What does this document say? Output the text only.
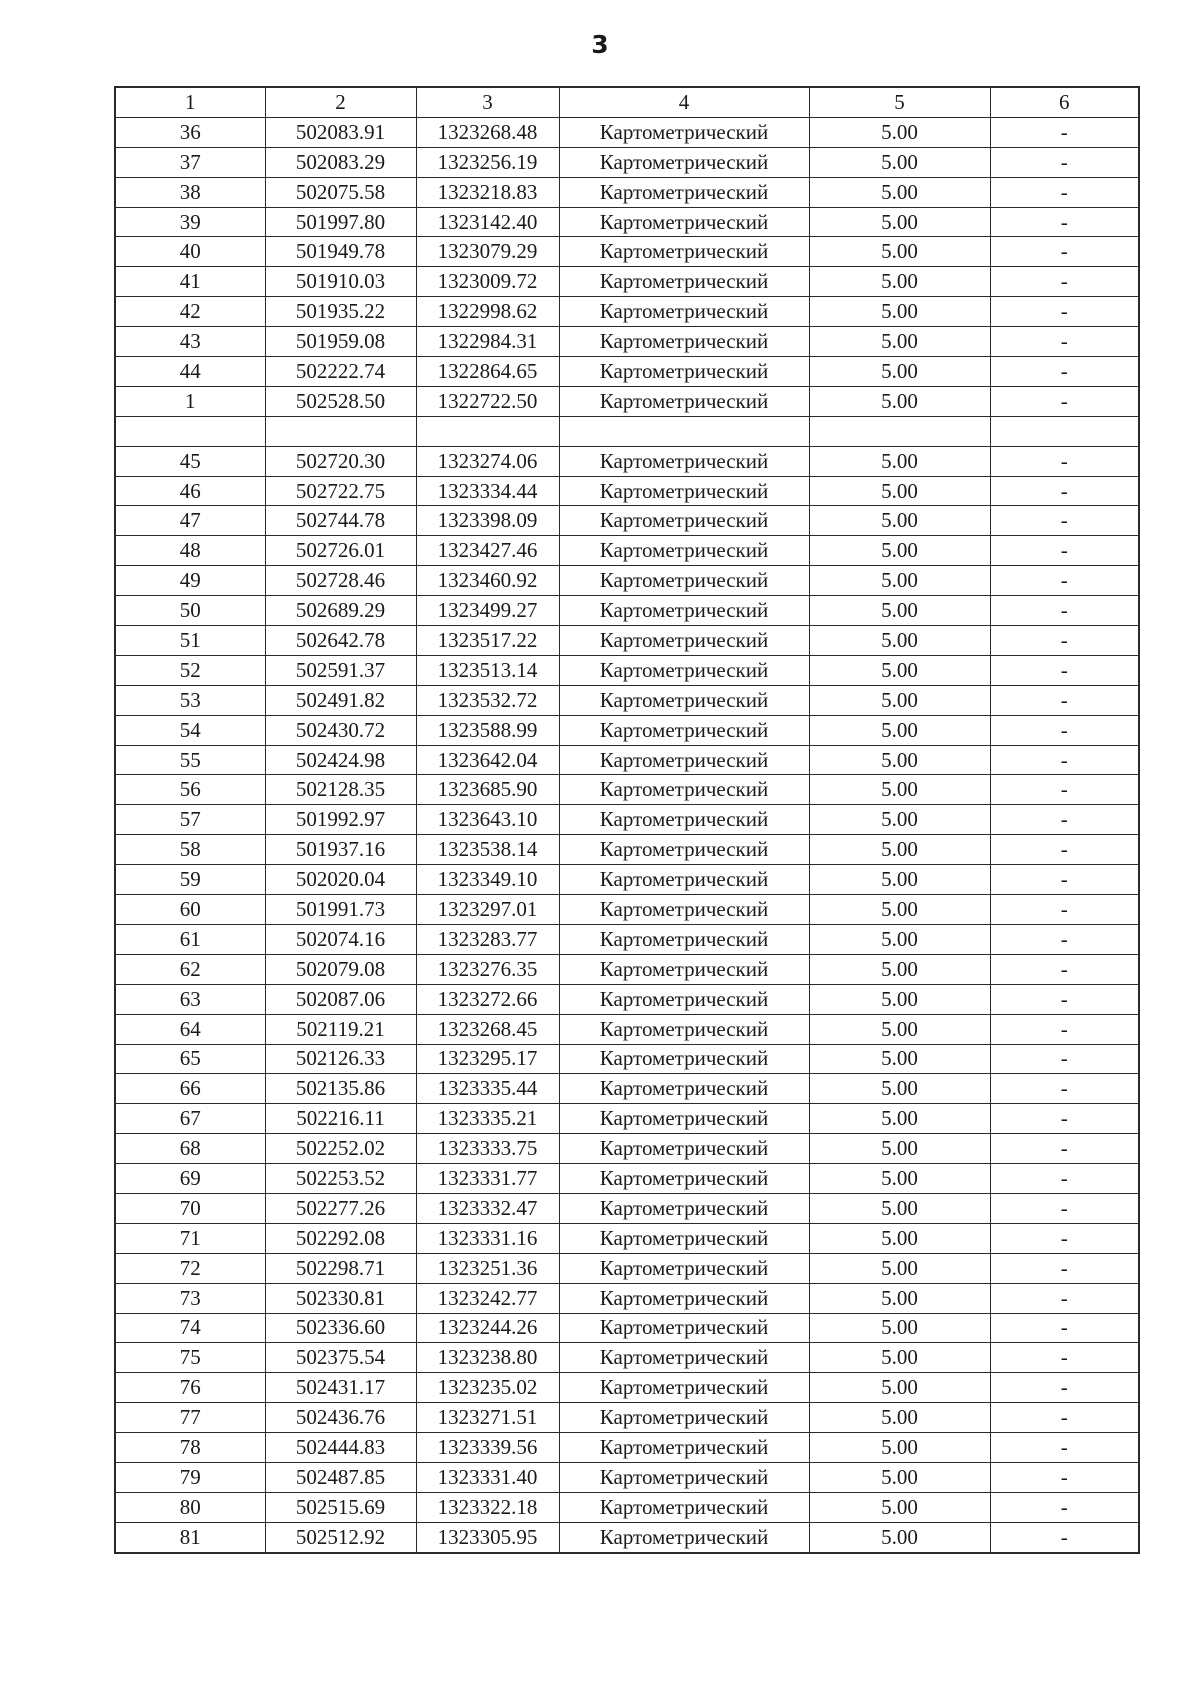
3
1	2	3	4	5	6
36	502083.91	1323268.48	Картометрический	5.00	-
37	502083.29	1323256.19	Картометрический	5.00	-
38	502075.58	1323218.83	Картометрический	5.00	-
39	501997.80	1323142.40	Картометрический	5.00	-
40	501949.78	1323079.29	Картометрический	5.00	-
41	501910.03	1323009.72	Картометрический	5.00	-
42	501935.22	1322998.62	Картометрический	5.00	-
43	501959.08	1322984.31	Картометрический	5.00	-
44	502222.74	1322864.65	Картометрический	5.00	-
1	502528.50	1322722.50	Картометрический	5.00	-

45	502720.30	1323274.06	Картометрический	5.00	-
46	502722.75	1323334.44	Картометрический	5.00	-
47	502744.78	1323398.09	Картометрический	5.00	-
48	502726.01	1323427.46	Картометрический	5.00	-
49	502728.46	1323460.92	Картометрический	5.00	-
50	502689.29	1323499.27	Картометрический	5.00	-
51	502642.78	1323517.22	Картометрический	5.00	-
52	502591.37	1323513.14	Картометрический	5.00	-
53	502491.82	1323532.72	Картометрический	5.00	-
54	502430.72	1323588.99	Картометрический	5.00	-
55	502424.98	1323642.04	Картометрический	5.00	-
56	502128.35	1323685.90	Картометрический	5.00	-
57	501992.97	1323643.10	Картометрический	5.00	-
58	501937.16	1323538.14	Картометрический	5.00	-
59	502020.04	1323349.10	Картометрический	5.00	-
60	501991.73	1323297.01	Картометрический	5.00	-
61	502074.16	1323283.77	Картометрический	5.00	-
62	502079.08	1323276.35	Картометрический	5.00	-
63	502087.06	1323272.66	Картометрический	5.00	-
64	502119.21	1323268.45	Картометрический	5.00	-
65	502126.33	1323295.17	Картометрический	5.00	-
66	502135.86	1323335.44	Картометрический	5.00	-
67	502216.11	1323335.21	Картометрический	5.00	-
68	502252.02	1323333.75	Картометрический	5.00	-
69	502253.52	1323331.77	Картометрический	5.00	-
70	502277.26	1323332.47	Картометрический	5.00	-
71	502292.08	1323331.16	Картометрический	5.00	-
72	502298.71	1323251.36	Картометрический	5.00	-
73	502330.81	1323242.77	Картометрический	5.00	-
74	502336.60	1323244.26	Картометрический	5.00	-
75	502375.54	1323238.80	Картометрический	5.00	-
76	502431.17	1323235.02	Картометрический	5.00	-
77	502436.76	1323271.51	Картометрический	5.00	-
78	502444.83	1323339.56	Картометрический	5.00	-
79	502487.85	1323331.40	Картометрический	5.00	-
80	502515.69	1323322.18	Картометрический	5.00	-
81	502512.92	1323305.95	Картометрический	5.00	-
